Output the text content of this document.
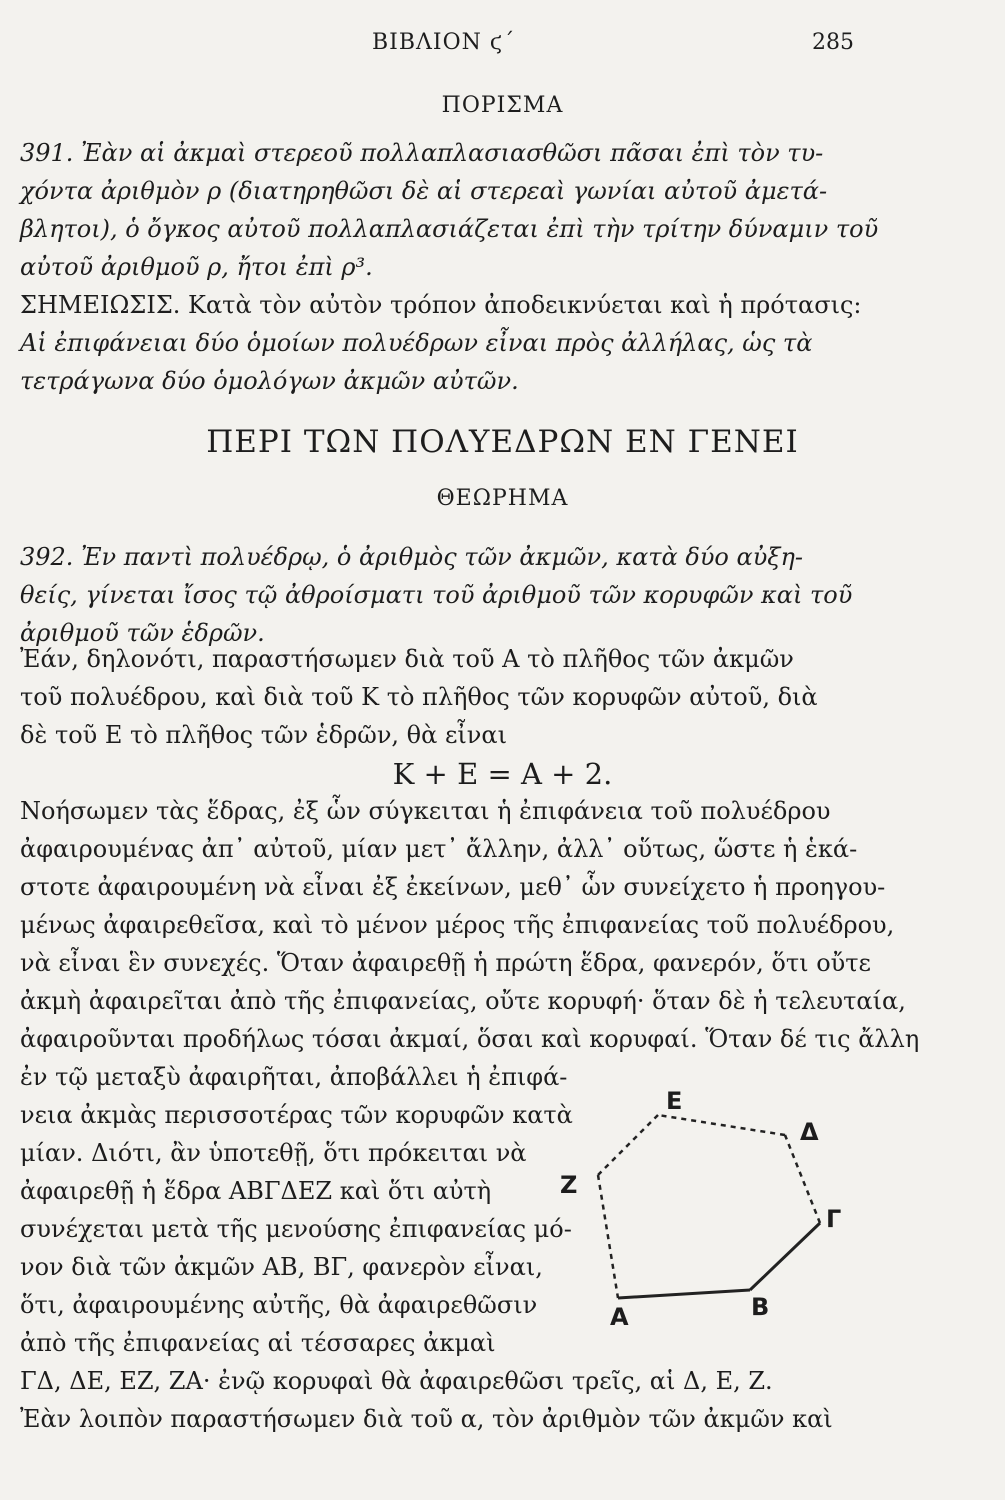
ΒΙΒΛΙΟΝ ϛ΄	285
ΠΟΡΙΣΜΑ
391. Ἐὰν αἱ ἀκμαὶ στερεοῦ πολλαπλασιασθῶσι πᾶσαι ἐπὶ τὸν τυ-
χόντα ἀριθμὸν ρ (διατηρηθῶσι δὲ αἱ στερεαὶ γωνίαι αὐτοῦ ἀμετά-
βλητοι), ὁ ὄγκος αὐτοῦ πολλαπλασιάζεται ἐπὶ τὴν τρίτην δύναμιν τοῦ
αὐτοῦ ἀριθμοῦ ρ, ἤτοι ἐπὶ ρ³.
ΣΗΜΕΙΩΣΙΣ. Κατὰ τὸν αὐτὸν τρόπον ἀποδεικνύεται καὶ ἡ πρότασις:
Αἱ ἐπιφάνειαι δύο ὁμοίων πολυέδρων εἶναι πρὸς ἀλλήλας, ὡς τὰ
τετράγωνα δύο ὁμολόγων ἀκμῶν αὐτῶν.
ΠΕΡΙ ΤΩΝ ΠΟΛΥΕΔΡΩΝ ΕΝ ΓΕΝΕΙ
ΘΕΩΡΗΜΑ
392. Ἐν παντὶ πολυέδρῳ, ὁ ἀριθμὸς τῶν ἀκμῶν, κατὰ δύο αὐξη-
θείς, γίνεται ἴσος τῷ ἀθροίσματι τοῦ ἀριθμοῦ τῶν κορυφῶν καὶ τοῦ
ἀριθμοῦ τῶν ἑδρῶν.
Ἐάν, δηλονότι, παραστήσωμεν διὰ τοῦ Α τὸ πλῆθος τῶν ἀκμῶν
τοῦ πολυέδρου, καὶ διὰ τοῦ Κ τὸ πλῆθος τῶν κορυφῶν αὐτοῦ, διὰ
δὲ τοῦ Ε τὸ πλῆθος τῶν ἑδρῶν, θὰ εἶναι
Κ + Ε = Α + 2.
Νοήσωμεν τὰς ἕδρας, ἐξ ὧν σύγκειται ἡ ἐπιφάνεια τοῦ πολυέδρου
ἀφαιρουμένας ἀπ᾽ αὐτοῦ, μίαν μετ᾽ ἄλλην, ἀλλ᾽ οὕτως, ὥστε ἡ ἑκά-
στοτε ἀφαιρουμένη νὰ εἶναι ἐξ ἐκείνων, μεθ᾽ ὧν συνείχετο ἡ προηγου-
μένως ἀφαιρεθεῖσα, καὶ τὸ μένον μέρος τῆς ἐπιφανείας τοῦ πολυέδρου,
νὰ εἶναι ἓν συνεχές. Ὅταν ἀφαιρεθῇ ἡ πρώτη ἕδρα, φανερόν, ὅτι οὔτε
ἀκμὴ ἀφαιρεῖται ἀπὸ τῆς ἐπιφανείας, οὔτε κορυφή· ὅταν δὲ ἡ τελευταία,
ἀφαιροῦνται προδήλως τόσαι ἀκμαί, ὅσαι καὶ κορυφαί. Ὅταν δέ τις ἄλλη
ἐν τῷ μεταξὺ ἀφαιρῆται, ἀποβάλλει ἡ ἐπιφά-
νεια ἀκμὰς περισσοτέρας τῶν κορυφῶν κατὰ
μίαν. Διότι, ἂν ὑποτεθῇ, ὅτι πρόκειται νὰ
ἀφαιρεθῇ ἡ ἕδρα ΑΒΓΔΕΖ καὶ ὅτι αὐτὴ
συνέχεται μετὰ τῆς μενούσης ἐπιφανείας μό-
νον διὰ τῶν ἀκμῶν ΑΒ, ΒΓ, φανερὸν εἶναι,
ὅτι, ἀφαιρουμένης αὐτῆς, θὰ ἀφαιρεθῶσιν
ἀπὸ τῆς ἐπιφανείας αἱ τέσσαρες ἀκμαὶ
ΓΔ, ΔΕ, ΕΖ, ΖΑ· ἐνῷ κορυφαὶ θὰ ἀφαιρεθῶσι τρεῖς, αἱ Δ, Ε, Ζ.
Ἐὰν λοιπὸν παραστήσωμεν διὰ τοῦ α, τὸν ἀριθμὸν τῶν ἀκμῶν καὶ
Ε
Δ
Ζ
Γ
Α	Β
